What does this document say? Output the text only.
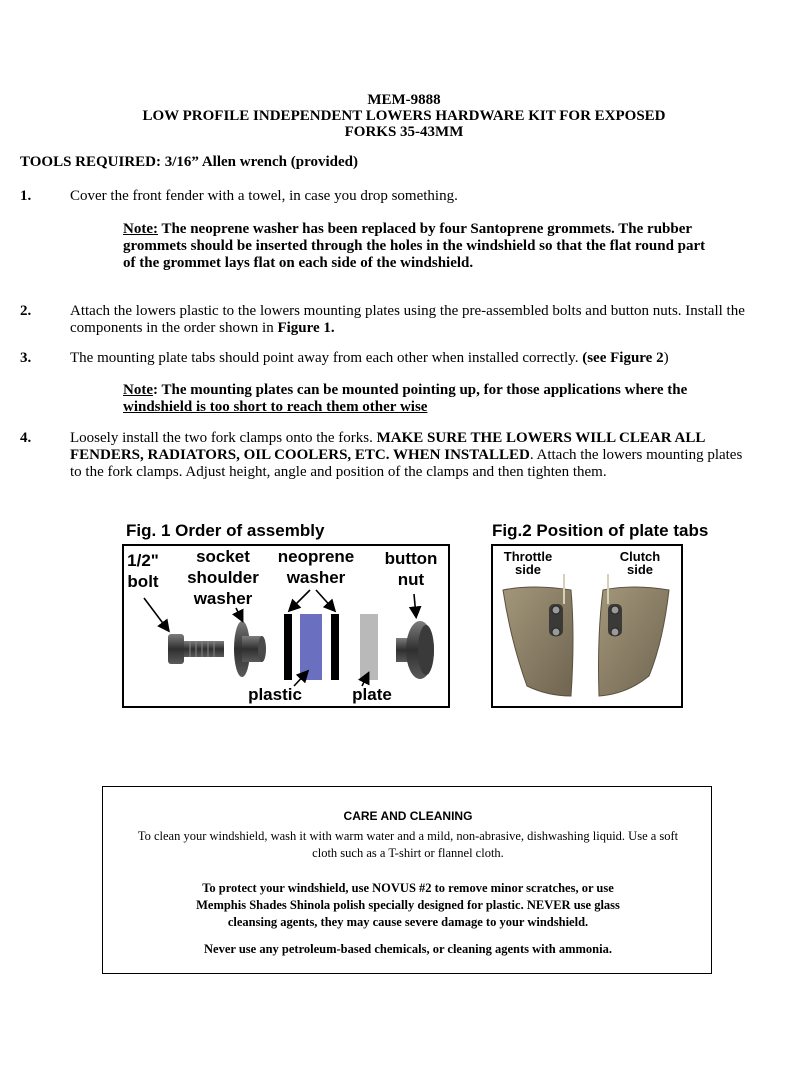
MEM-9888
LOW PROFILE INDEPENDENT LOWERS HARDWARE KIT FOR EXPOSED
FORKS 35-43MM
TOOLS REQUIRED: 3/16” Allen wrench (provided)
1.	Cover the front fender with a towel, in case you drop something.
Note: The neoprene washer has been replaced by four Santoprene grommets. The rubber
grommets should be inserted through the holes in the windshield so that the flat round part
of the grommet lays flat on each side of the windshield.
2.	Attach the lowers plastic to the lowers mounting plates using the pre-assembled bolts and button nuts. Install the
components in the order shown in Figure 1.
3.	The mounting plate tabs should point away from each other when installed correctly. (see Figure 2)
Note: The mounting plates can be mounted pointing up, for those applications where the
windshield is too short to reach them other wise
4.	Loosely install the two fork clamps onto the forks. MAKE SURE THE LOWERS WILL CLEAR ALL
FENDERS, RADIATORS, OIL COOLERS, ETC. WHEN INSTALLED. Attach the lowers mounting plates
to the fork clamps. Adjust height, angle and position of the clamps and then tighten them.
Fig. 1 Order of assembly
1/2"
bolt
socket
shoulder
washer
neoprene
washer
button
nut
plastic	plate
Fig.2 Position of plate tabs
Throttle
side
Clutch
side
CARE AND CLEANING
To clean your windshield, wash it with warm water and a mild, non-abrasive, dishwashing liquid. Use a soft
cloth such as a T-shirt or flannel cloth.
To protect your windshield, use NOVUS #2 to remove minor scratches, or use
Memphis Shades Shinola polish specially designed for plastic. NEVER use glass
cleansing agents, they may cause severe damage to your windshield.
Never use any petroleum-based chemicals, or cleaning agents with ammonia.
